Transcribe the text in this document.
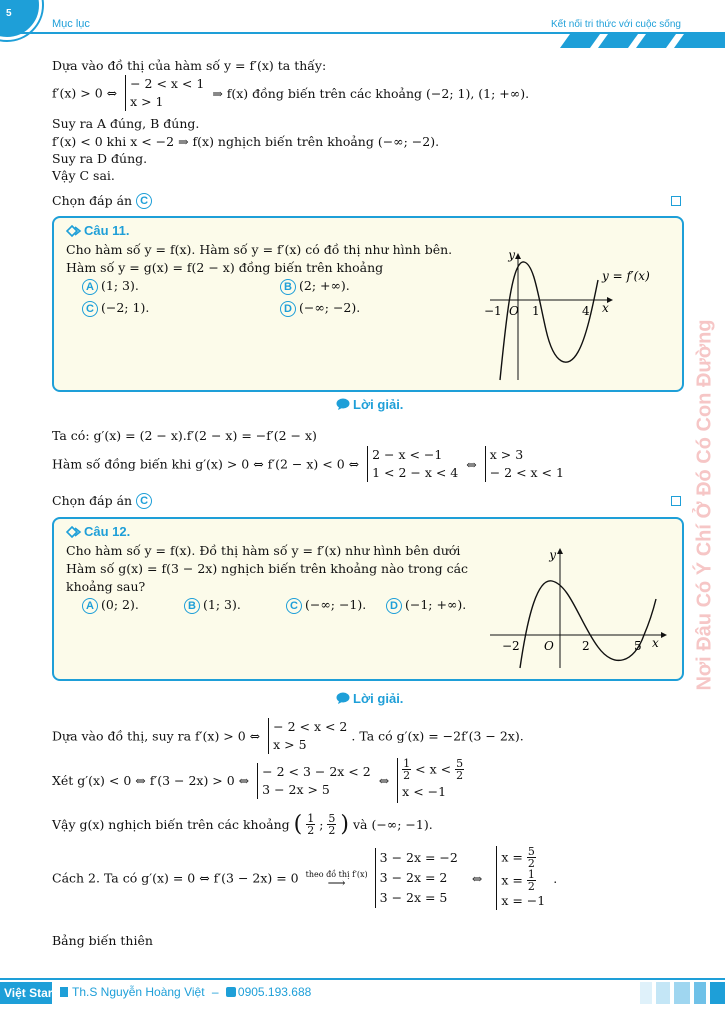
5
Mục lục	Kết nối tri thức với cuộc sống
Nơi Đâu Có Ý Chí Ở Đó Có Con Đường
Dựa vào đồ thị của hàm số y = f′(x) ta thấy:
f′(x) > 0 ⇔ − 2 < x < 1
x > 1 ⇒ f(x) đồng biến trên các khoảng (−2; 1), (1; +∞).
Suy ra A đúng, B đúng.
f′(x) < 0 khi x < −2 ⇒ f(x) nghịch biến trên khoảng (−∞; −2).
Suy ra D đúng.
Vậy C sai.
Chọn đáp án C
Câu 11.
Cho hàm số y = f(x). Hàm số y = f′(x) có đồ thị như hình bên.
Hàm số y = g(x) = f(2 − x) đồng biến trên khoảng
A (1; 3).	B (2; +∞).
C (−2; 1).	D (−∞; −2).
y
x
O
−1	1	4
y = f′(x)
Lời giải.
Ta có: g′(x) = (2 − x).f′(2 − x) = −f′(2 − x)
Hàm số đồng biến khi g′(x) > 0 ⇔ f′(2 − x) < 0 ⇔ 2 − x < −1
1 < 2 − x < 4 ⇔ x > 3
− 2 < x < 1
Chọn đáp án C
Câu 12.
Cho hàm số y = f(x). Đồ thị hàm số y = f′(x) như hình bên dưới
Hàm số g(x) = f(3 − 2x) nghịch biến trên khoảng nào trong các
khoảng sau?
A (0; 2).	B (1; 3).	C (−∞; −1).	D (−1; +∞).
y
x
O
−2	2	5
Lời giải.
Dựa vào đồ thị, suy ra f′(x) > 0 ⇔ − 2 < x < 2
x > 5 . Ta có g′(x) = −2f′(3 − 2x).
Xét g′(x) < 0 ⇔ f′(3 − 2x) > 0 ⇔ − 2 < 3 − 2x < 2
3 − 2x > 5 ⇔ $\frac{1}{2} < x < \frac{5}{2}$

x < −1
Vậy g(x) nghịch biến trên các khoảng ( $\frac{1}{2}$ ; $\frac{5}{2}$ ) và (−∞; −1).
Cách 2. Ta có g′(x) = 0 ⇔ f′(3 − 2x) = 0 theo đồ thị f′(x)
⟶
3 − 2x = −2
3 − 2x = 2
3 − 2x = 5 ⇔ $x = \frac{5}{2}$

$x = \frac{1}{2}$

x = −1 .
Bảng biến thiên
Việt Star	Th.S Nguyễn Hoàng Việt – 0905.193.688
